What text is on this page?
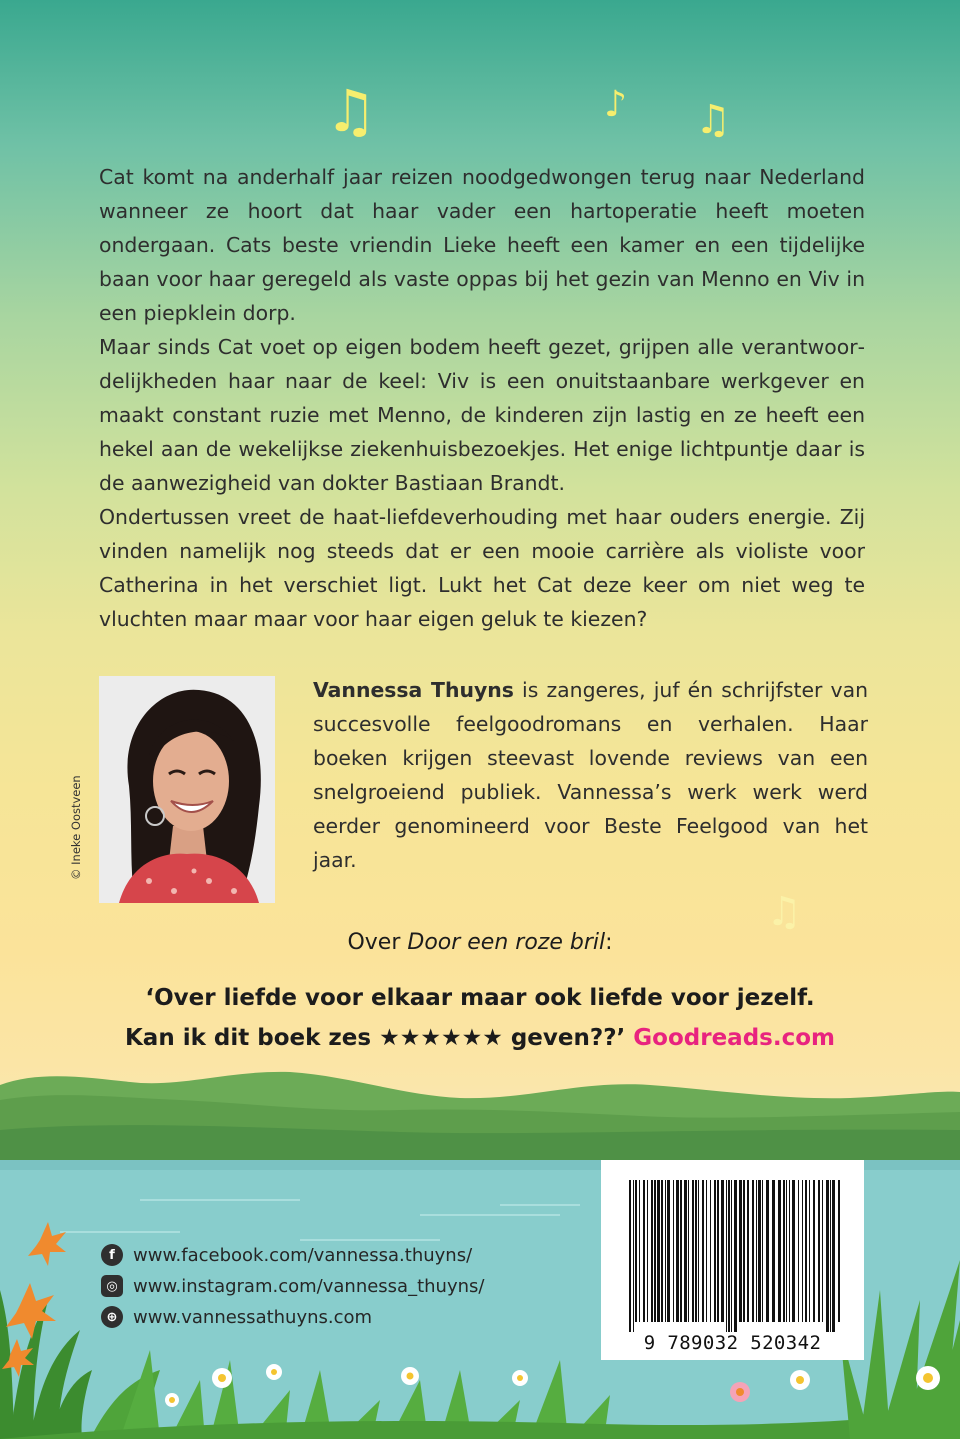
♫	♪ ♫
♫

Cat komt na anderhalf jaar reizen noodgedwongen terug naar Nederland wanneer ze hoort dat haar vader een hartoperatie heeft moeten ondergaan. Cats beste vriendin Lieke heeft een kamer en een tijdelijke baan voor haar geregeld als vaste oppas bij het gezin van Menno en Viv in een piepklein dorp.

Maar sinds Cat voet op eigen bodem heeft gezet, grijpen alle verantwoordelijkheden haar naar de keel: Viv is een onuitstaanbare werkgever en maakt constant ruzie met Menno, de kinderen zijn lastig en ze heeft een hekel aan de wekelijkse ziekenhuisbezoekjes. Het enige lichtpuntje daar is de aanwezigheid van dokter Bastiaan Brandt.

Ondertussen vreet de haat-liefdeverhouding met haar ouders energie. Zij vinden namelijk nog steeds dat er een mooie carrière als violiste voor Catherina in het verschiet ligt. Lukt het Cat deze keer om niet weg te vluchten maar maar voor haar eigen geluk te kiezen?

© Ineke Oostveen

Vannessa Thuyns is zangeres, juf én schrijfster van succesvolle feelgoodromans en verhalen. Haar boeken krijgen steevast lovende reviews van een snelgroeiend publiek. Vannessa’s werk werk werd eerder genomineerd voor Beste Feelgood van het jaar.

Over Door een roze bril:

‘Over liefde voor elkaar maar ook liefde voor jezelf.
Kan ik dit boek zes ★★★★★★ geven??’ Goodreads.com
f	www.facebook.com/vannessa.thuyns/
◎ www.instagram.com/vannessa_thuyns/
⊕ www.vannessathuyns.com
9 789032 520342
